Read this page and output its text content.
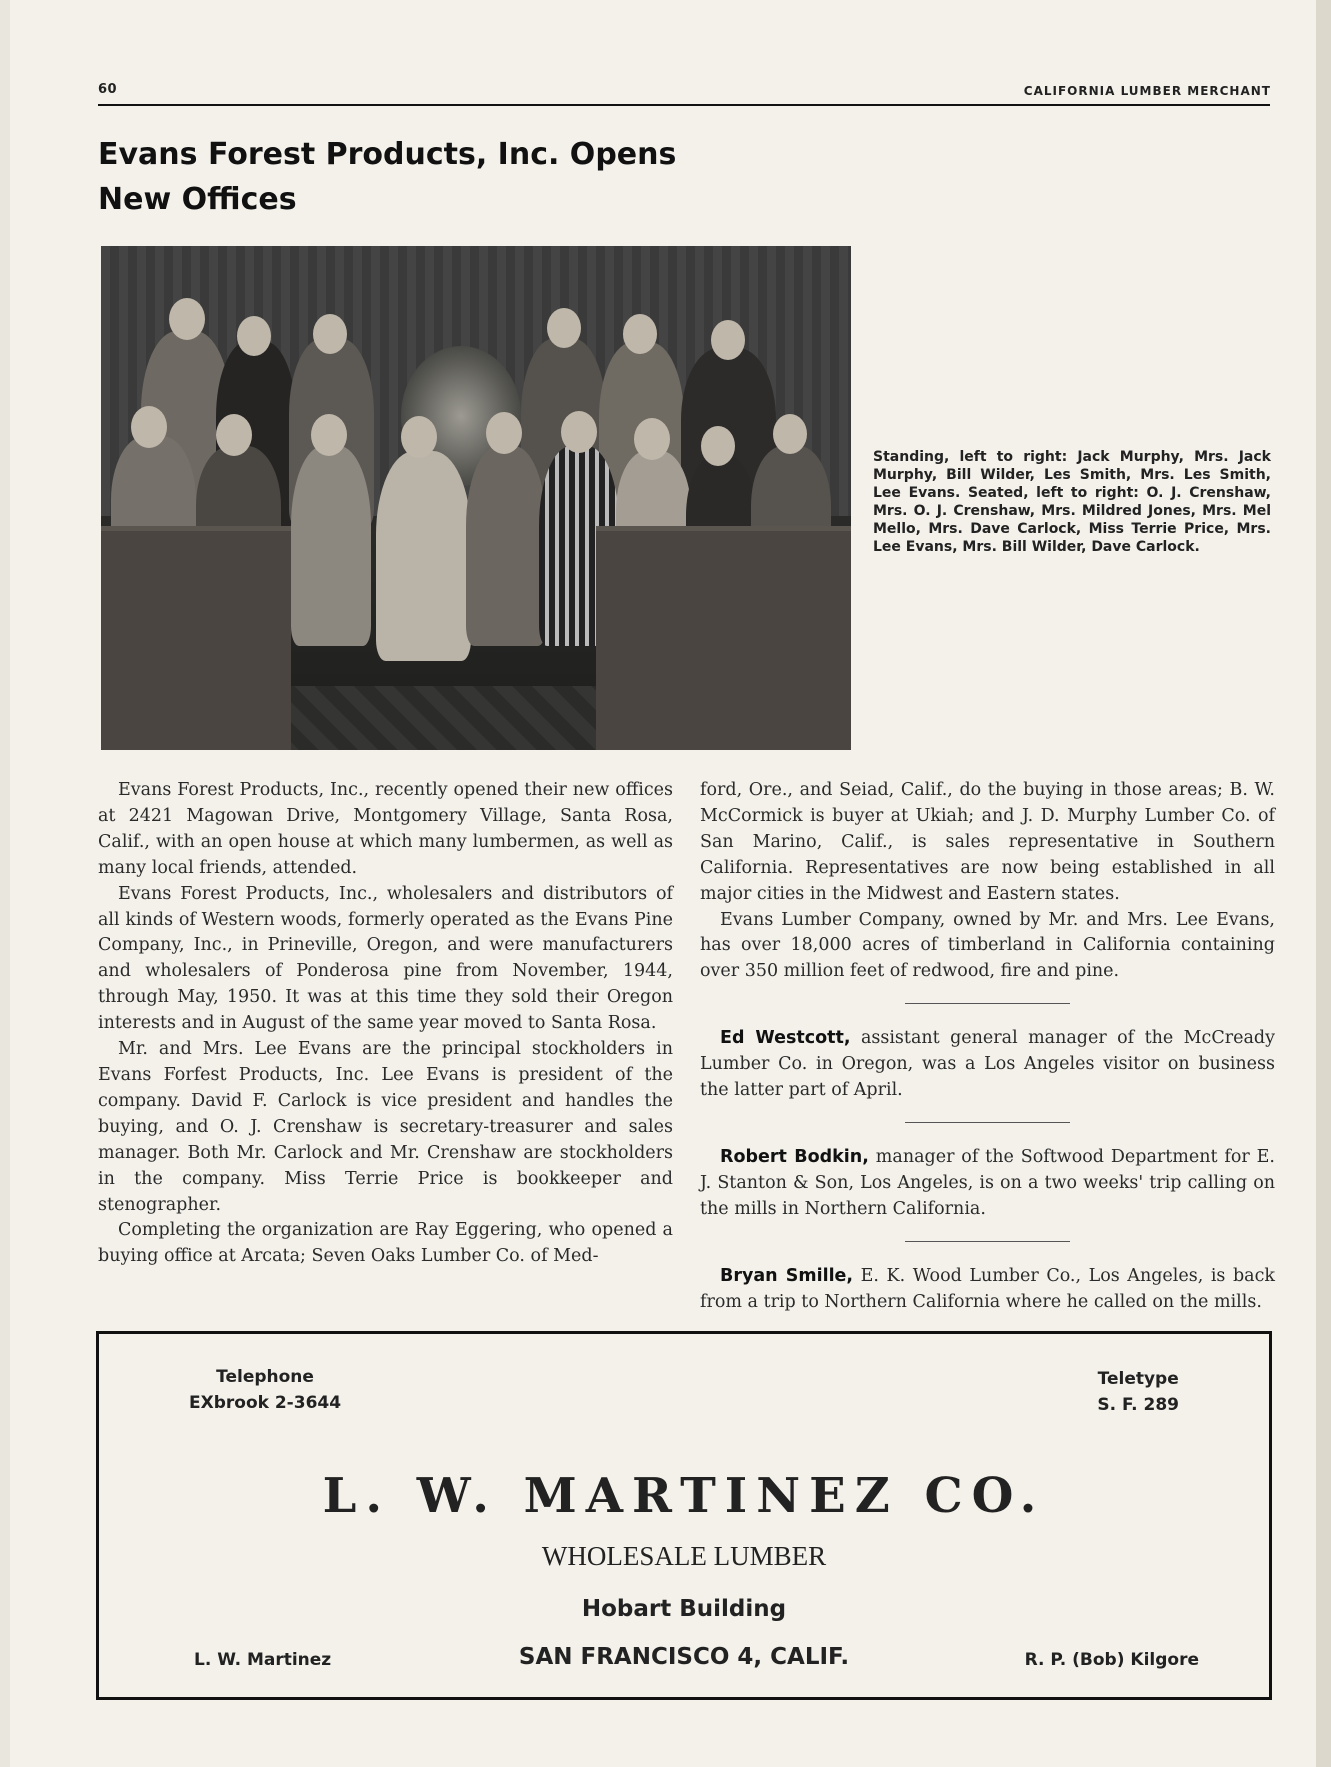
60	CALIFORNIA LUMBER MERCHANT
Evans Forest Products, Inc. Opens
New Offices
Standing, left to right: Jack Murphy, Mrs. Jack Murphy, Bill Wilder, Les Smith, Mrs. Les Smith, Lee Evans. Seated, left to right: O. J. Crenshaw, Mrs. O. J. Crenshaw, Mrs. Mildred Jones, Mrs. Mel Mello, Mrs. Dave Carlock, Miss Terrie Price, Mrs. Lee Evans, Mrs. Bill Wilder, Dave Carlock.

Evans Forest Products, Inc., recently opened their new offices at 2421 Magowan Drive, Montgomery Village, Santa Rosa, Calif., with an open house at which many lumbermen, as well as many local friends, attended.

Evans Forest Products, Inc., wholesalers and distributors of all kinds of Western woods, formerly operated as the Evans Pine Company, Inc., in Prineville, Oregon, and were manufacturers and wholesalers of Ponderosa pine from November, 1944, through May, 1950. It was at this time they sold their Oregon interests and in August of the same year moved to Santa Rosa.

Mr. and Mrs. Lee Evans are the principal stockholders in Evans Forfest Products, Inc. Lee Evans is president of the company. David F. Carlock is vice president and handles the buying, and O. J. Crenshaw is secretary-treasurer and sales manager. Both Mr. Carlock and Mr. Crenshaw are stockholders in the company. Miss Terrie Price is bookkeeper and stenographer.

Completing the organization are Ray Eggering, who opened a buying office at Arcata; Seven Oaks Lumber Co. of Med-

ford, Ore., and Seiad, Calif., do the buying in those areas; B. W. McCormick is buyer at Ukiah; and J. D. Murphy Lumber Co. of San Marino, Calif., is sales representative in Southern California. Representatives are now being established in all major cities in the Midwest and Eastern states.

Evans Lumber Company, owned by Mr. and Mrs. Lee Evans, has over 18,000 acres of timberland in California containing over 350 million feet of redwood, fire and pine.

Ed Westcott, assistant general manager of the McCready Lumber Co. in Oregon, was a Los Angeles visitor on business the latter part of April.

Robert Bodkin, manager of the Softwood Department for E. J. Stanton & Son, Los Angeles, is on a two weeks' trip calling on the mills in Northern California.

Bryan Smille, E. K. Wood Lumber Co., Los Angeles, is back from a trip to Northern California where he called on the mills.

Telephone
EXbrook 2-3644
Teletype
S. F. 289
L. W. MARTINEZ CO.
WHOLESALE LUMBER
Hobart Building
SAN FRANCISCO 4, CALIF.
L. W. Martinez	R. P. (Bob) Kilgore
